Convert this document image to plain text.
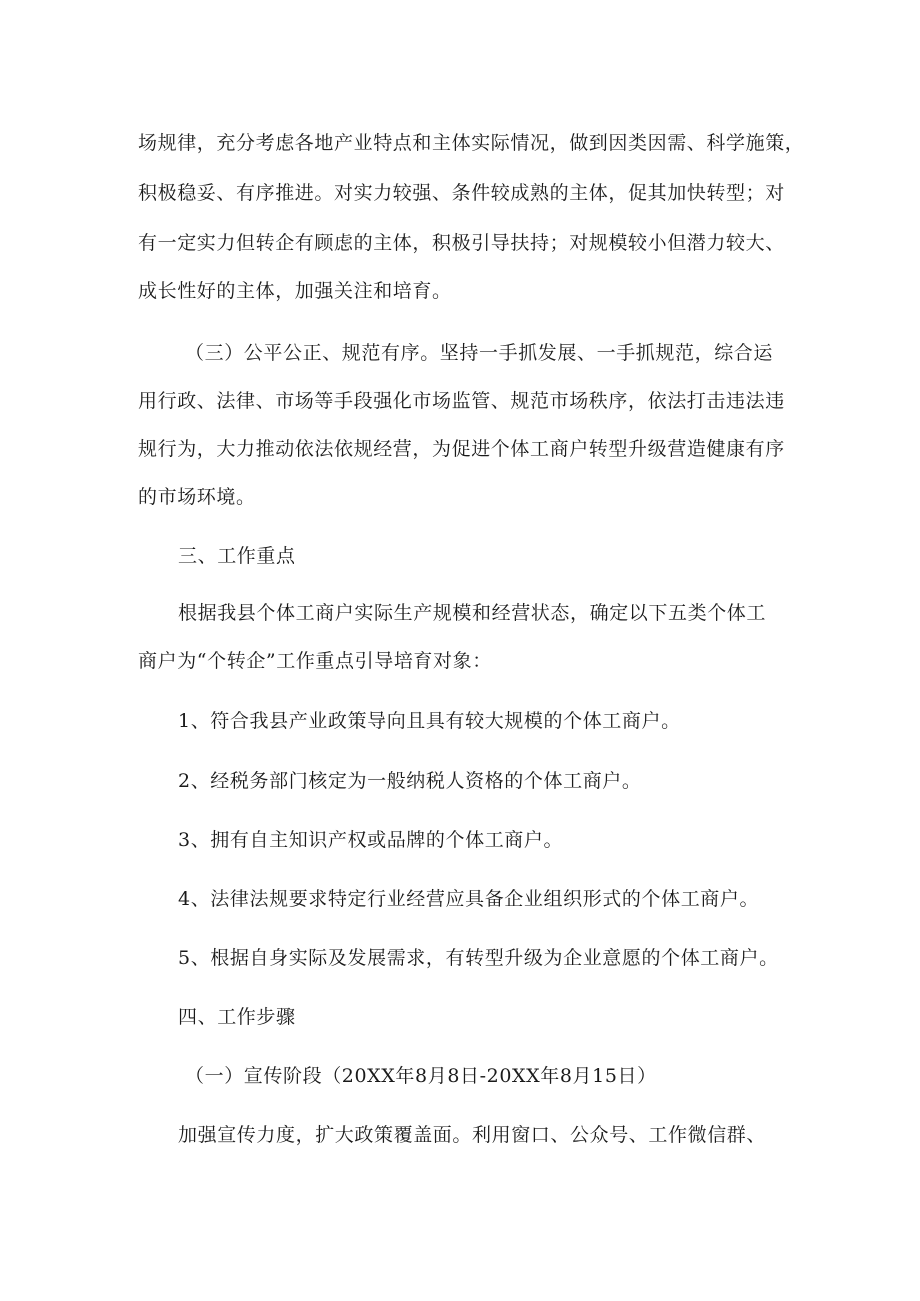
场规律，充分考虑各地产业特点和主体实际情况，做到因类因需、科学施策，
积极稳妥、有序推进。对实力较强、条件较成熟的主体，促其加快转型；对
有一定实力但转企有顾虑的主体，积极引导扶持；对规模较小但潜力较大、
成长性好的主体，加强关注和培育。
（三）公平公正、规范有序。坚持一手抓发展、一手抓规范，综合运
用行政、法律、市场等手段强化市场监管、规范市场秩序，依法打击违法违
规行为，大力推动依法依规经营，为促进个体工商户转型升级营造健康有序
的市场环境。
三、工作重点
根据我县个体工商户实际生产规模和经营状态，确定以下五类个体工
商户为“个转企”工作重点引导培育对象：
1、符合我县产业政策导向且具有较大规模的个体工商户。
2、经税务部门核定为一般纳税人资格的个体工商户。
3、拥有自主知识产权或品牌的个体工商户。
4、法律法规要求特定行业经营应具备企业组织形式的个体工商户。
5、根据自身实际及发展需求，有转型升级为企业意愿的个体工商户。
四、工作步骤
（一）宣传阶段（20XX年8月8日-20XX年8月15日）
加强宣传力度，扩大政策覆盖面。利用窗口、公众号、工作微信群、
